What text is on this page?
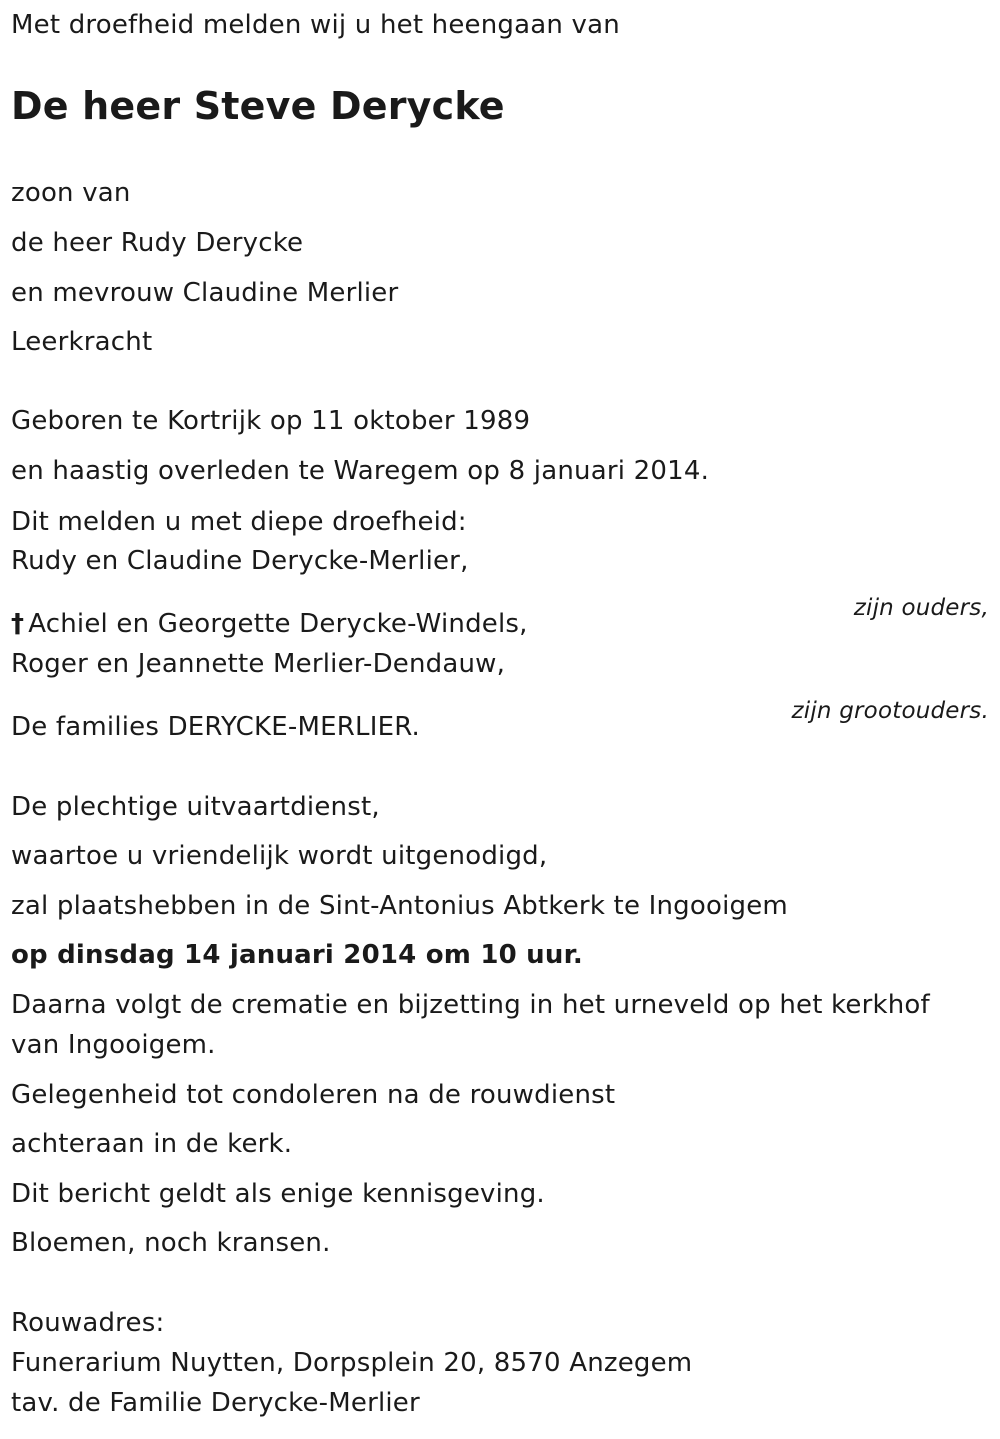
Met droefheid melden wij u het heengaan van

De heer Steve Derycke

zoon van

de heer Rudy Derycke

en mevrouw Claudine Merlier

Leerkracht

Geboren te Kortrijk op 11 oktober 1989

en haastig overleden te Waregem op 8 januari 2014.

Dit melden u met diepe droefheid:

Rudy en Claudine Derycke-Merlier,

zijn ouders,

† Achiel en Georgette Derycke-Windels,

Roger en Jeannette Merlier-Dendauw,

zijn grootouders.

De families DERYCKE-MERLIER.

De plechtige uitvaartdienst,

waartoe u vriendelijk wordt uitgenodigd,

zal plaatshebben in de Sint-Antonius Abtkerk te Ingooigem

op dinsdag 14 januari 2014 om 10 uur.

Daarna volgt de crematie en bijzetting in het urneveld op het kerkhof

van Ingooigem.

Gelegenheid tot condoleren na de rouwdienst

achteraan in de kerk.

Dit bericht geldt als enige kennisgeving.

Bloemen, noch kransen.

Rouwadres:

Funerarium Nuytten, Dorpsplein 20, 8570 Anzegem

tav. de Familie Derycke-Merlier
